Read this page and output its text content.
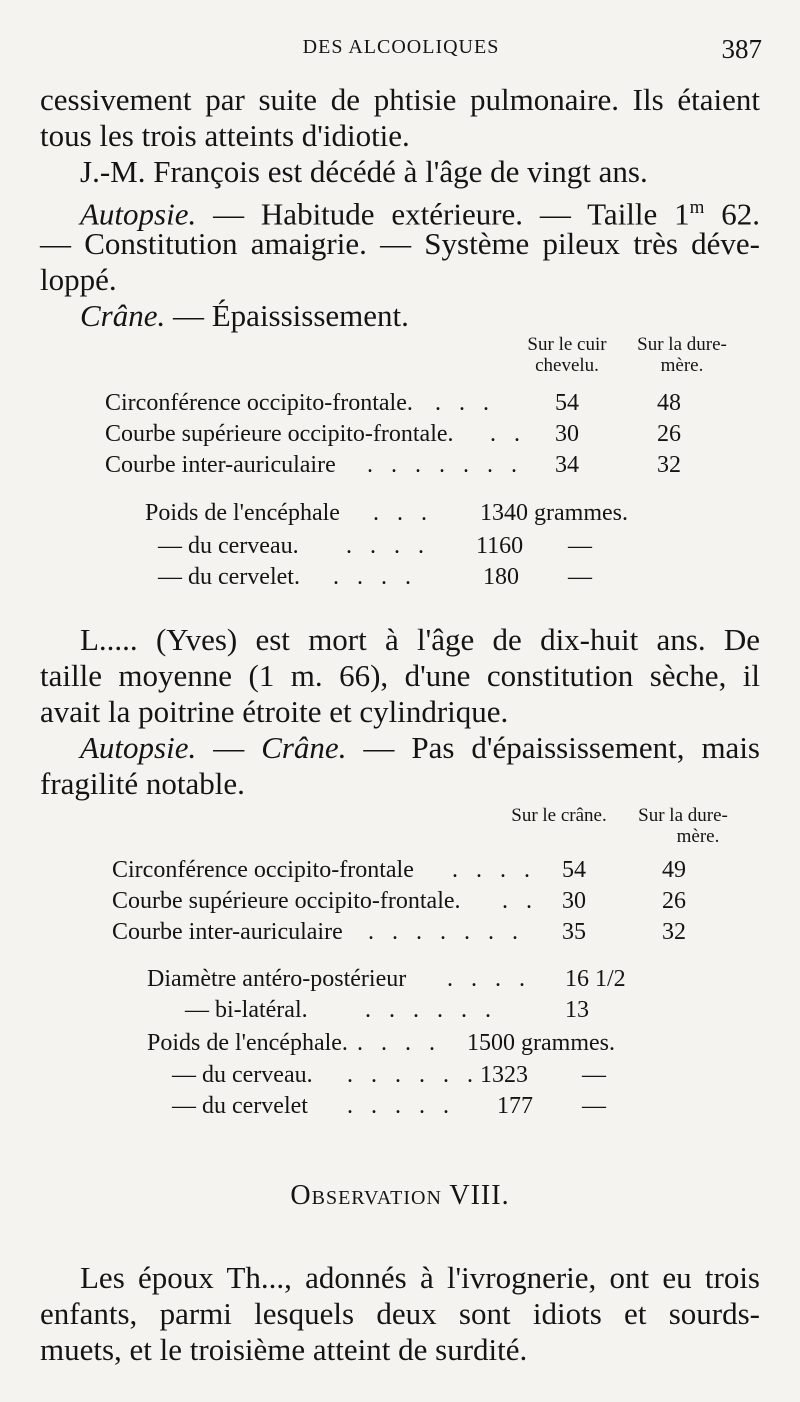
DES ALCOOLIQUES	387

cessivement par suite de phtisie pulmonaire. Ils étaient

tous les trois atteints d'idiotie.

J.-M. François est décédé à l'âge de vingt ans.

Autopsie. — Habitude extérieure. — Taille 1$^m$ 62.

— Constitution amaigrie. — Système pileux très déve-

loppé.

Crâne. — Épaississement.

Sur le cuir
chevelu.
Sur la dure-
mère.
Circonférence occipito-frontale. . . .	54	48
Courbe supérieure occipito-frontale. . . 30	26
Courbe inter-auriculaire . . . . . . . 34	32
Poids de l'encéphale . . . 1340 grammes.
— du cerveau. . . . . 1160 —
— du cervelet. . . . .	180 —

L..... (Yves) est mort à l'âge de dix-huit ans. De

taille moyenne (1 m. 66), d'une constitution sèche, il

avait la poitrine étroite et cylindrique.

Autopsie. — Crâne. — Pas d'épaississement, mais

fragilité notable.

Sur le crâne.	Sur la dure-
mère.
Circonférence occipito-frontale . . . . 54	49
Courbe supérieure occipito-frontale. . . 30	26
Courbe inter-auriculaire . . . . . . . 35	32
Diamètre antéro-postérieur . . . . 16 1/2
— bi-latéral. . . . . . .	13
Poids de l'encéphale. . . . . 1500 grammes.
— du cerveau. . . . . . . 1323 —
— du cervelet . . . . . 177 —
Observation VIII.

Les époux Th..., adonnés à l'ivrognerie, ont eu trois

enfants, parmi lesquels deux sont idiots et sourds-

muets, et le troisième atteint de surdité.
